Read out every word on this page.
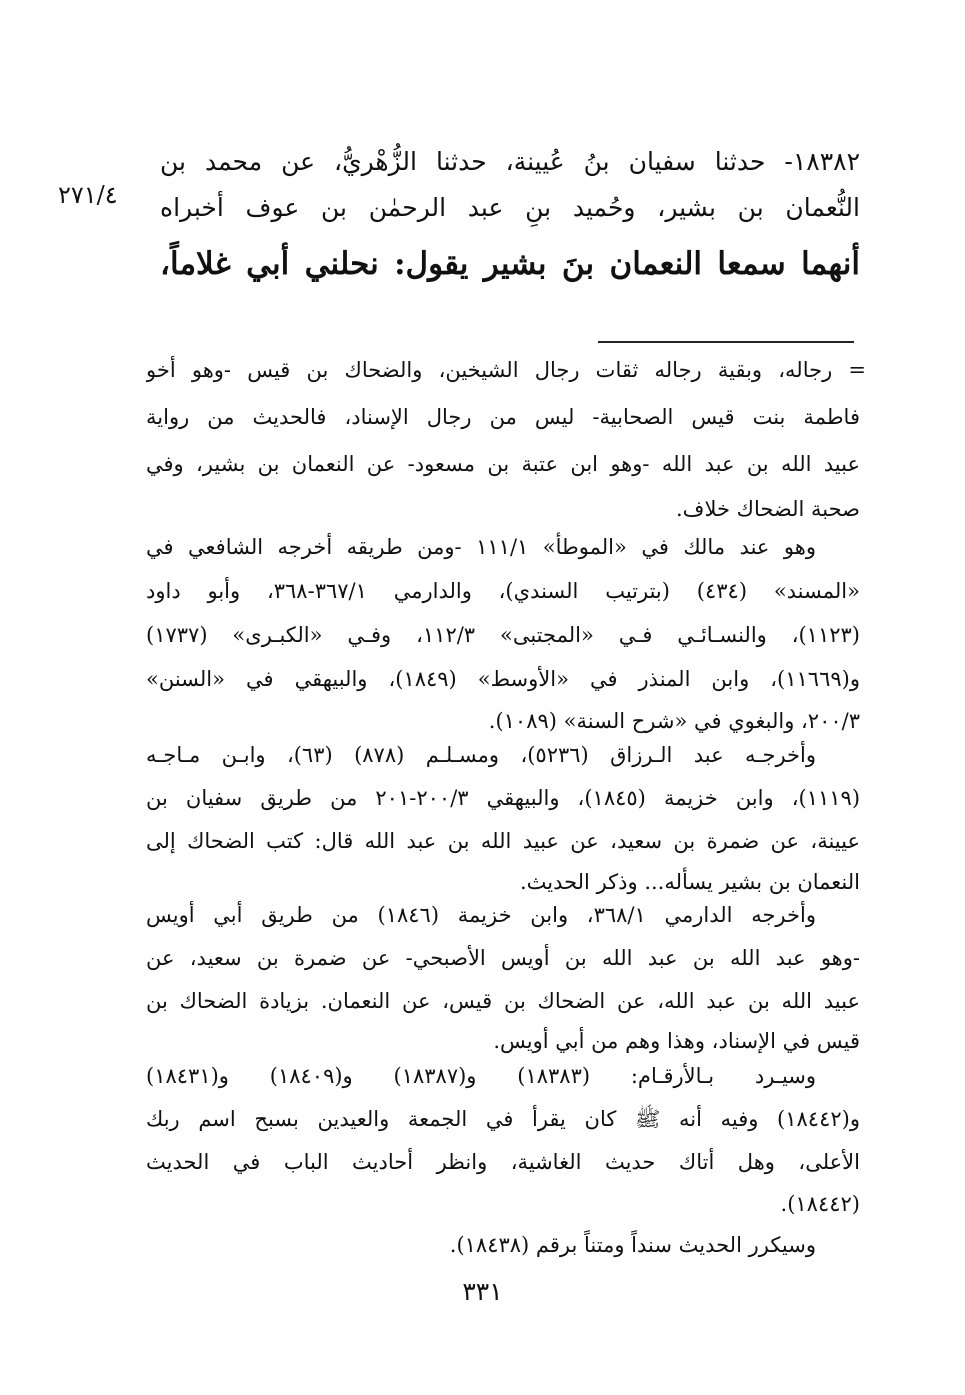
٢٧١/٤
١٨٣٨٢- حدثنا سفيان بنُ عُيينة، حدثنا الزُّهْريُّ، عن محمد بن
النُّعمان بن بشير، وحُميد بنِ عبد الرحمٰن بن عوف أخبراه
أنهما سمعا النعمان بنَ بشير يقول: نحلني أبي غلاماً،
= رجاله، وبقية رجاله ثقات رجال الشيخين، والضحاك بن قيس -وهو أخو
فاطمة بنت قيس الصحابية- ليس من رجال الإسناد، فالحديث من رواية
عبيد الله بن عبد الله -وهو ابن عتبة بن مسعود- عن النعمان بن بشير، وفي
صحبة الضحاك خلاف.
وهو عند مالك في «الموطأ» ١١١/١ -ومن طريقه أخرجه الشافعي في
«المسند» (٤٣٤) (بترتيب السندي)، والدارمي ٣٦٧/١-٣٦٨، وأبو داود
(١١٢٣)، والنسـائـي فـي «المجتبى» ١١٢/٣، وفـي «الكبـرى» (١٧٣٧)
و(١١٦٦٩)، وابن المنذر في «الأوسط» (١٨٤٩)، والبيهقي في «السنن»
٢٠٠/٣، والبغوي في «شرح السنة» (١٠٨٩).
وأخرجـه عبد الـرزاق (٥٢٣٦)، ومسـلـم (٨٧٨) (٦٣)، وابـن مـاجـه
(١١١٩)، وابن خزيمة (١٨٤٥)، والبيهقي ٢٠٠/٣-٢٠١ من طريق سفيان بن
عيينة، عن ضمرة بن سعيد، عن عبيد الله بن عبد الله قال: كتب الضحاك إلى
النعمان بن بشير يسأله... وذكر الحديث.
وأخرجه الدارمي ٣٦٨/١، وابن خزيمة (١٨٤٦) من طريق أبي أويس
-وهو عبد الله بن عبد الله بن أويس الأصبحي- عن ضمرة بن سعيد، عن
عبيد الله بن عبد الله، عن الضحاك بن قيس، عن النعمان. بزيادة الضحاك بن
قيس في الإسناد، وهذا وهم من أبي أويس.
وسيـرد بـالأرقـام: (١٨٣٨٣) و(١٨٣٨٧) و(١٨٤٠٩) و(١٨٤٣١)
و(١٨٤٤٢) وفيه أنه ﷺ كان يقرأ في الجمعة والعيدين بسبح اسم ربك
الأعلى، وهل أتاك حديث الغاشية، وانظر أحاديث الباب في الحديث
(١٨٤٤٢).
وسيكرر الحديث سنداً ومتناً برقم (١٨٤٣٨).
٣٣١
